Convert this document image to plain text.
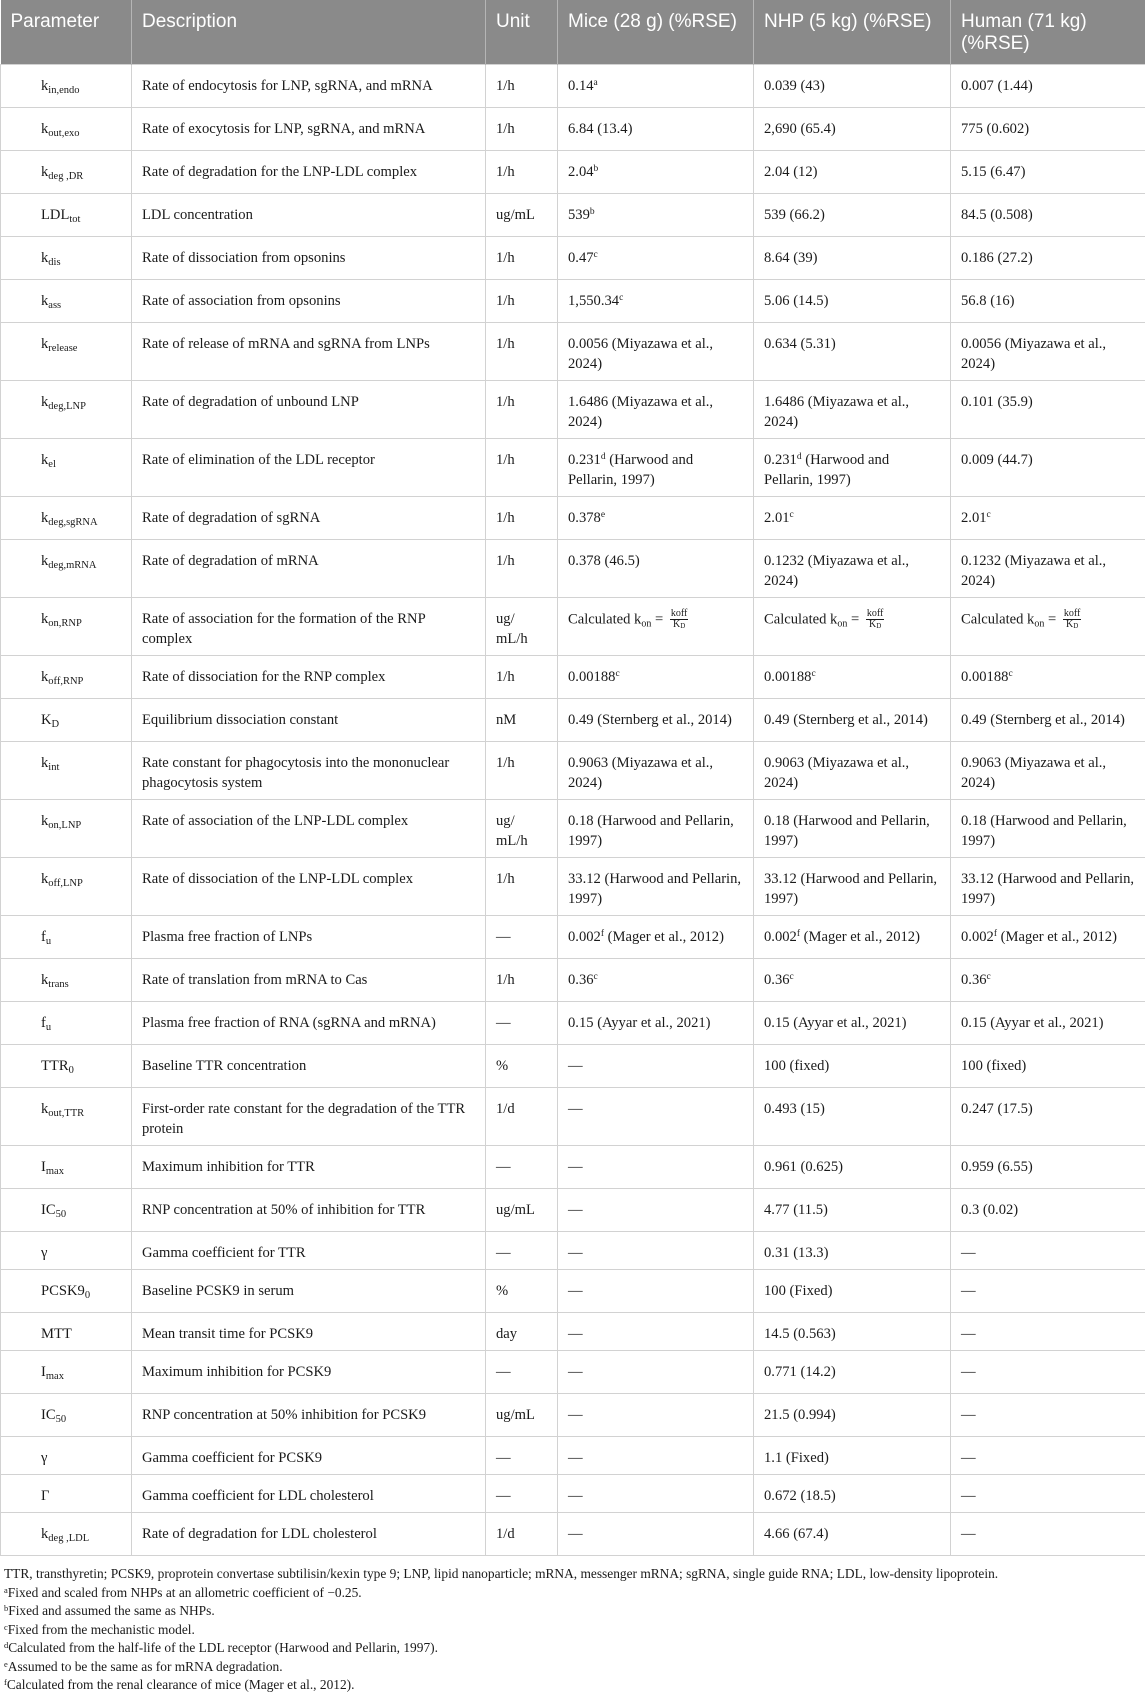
Parameter	Description	Unit	Mice (28 g) (%RSE)	NHP (5 kg) (%RSE)	Human (71 kg) (%RSE)
$k_{in,endo}$	Rate of endocytosis for LNP, sgRNA, and mRNA	1/h	0.14$^a$	0.039 (43)	0.007 (1.44)
$k_{out,exo}$	Rate of exocytosis for LNP, sgRNA, and mRNA	1/h	6.84 (13.4)	2,690 (65.4)	775 (0.602)
$k_{deg ,DR}$	Rate of degradation for the LNP-LDL complex	1/h	2.04$^b$	2.04 (12)	5.15 (6.47)
$LDL_{tot}$	LDL concentration	ug/mL	539$^b$	539 (66.2)	84.5 (0.508)
$k_{dis}$	Rate of dissociation from opsonins	1/h	0.47$^c$	8.64 (39)	0.186 (27.2)
$k_{ass}$	Rate of association from opsonins	1/h	1,550.34$^c$	5.06 (14.5)	56.8 (16)
$k_{release}$	Rate of release of mRNA and sgRNA from LNPs	1/h	0.0056 (Miyazawa et al., 2024)	0.634 (5.31)	0.0056 (Miyazawa et al., 2024)
$k_{deg,LNP}$	Rate of degradation of unbound LNP	1/h	1.6486 (Miyazawa et al., 2024)	1.6486 (Miyazawa et al., 2024)	0.101 (35.9)
$k_{el}$	Rate of elimination of the LDL receptor	1/h	0.231$^d$ (Harwood and Pellarin, 1997)	0.231$^d$ (Harwood and Pellarin, 1997)	0.009 (44.7)
$k_{deg,sgRNA}$	Rate of degradation of sgRNA	1/h	0.378e	2.01$^c$	2.01$^c$
$k_{deg,mRNA}$	Rate of degradation of mRNA	1/h	0.378 (46.5)	0.1232 (Miyazawa et al., 2024)	0.1232 (Miyazawa et al., 2024)
$k_{on,RNP}$	Rate of association for the formation of the RNP complex	ug/ mL/h	Calculated $k_{on} = \frac{\text{koff}}{K_D}$	Calculated $k_{on} = \frac{\text{koff}}{K_D}$	Calculated $k_{on} = \frac{\text{koff}}{K_D}$

$k_{off,RNP}$	Rate of dissociation for the RNP complex	1/h	0.00188$^c$	0.00188$^c$	0.00188$^c$
$K_D$	Equilibrium dissociation constant	nM	0.49 (Sternberg et al., 2014)	0.49 (Sternberg et al., 2014)	0.49 (Sternberg et al., 2014)
$k_{int}$	Rate constant for phagocytosis into the mononuclear phagocytosis system	1/h	0.9063 (Miyazawa et al., 2024)	0.9063 (Miyazawa et al., 2024)	0.9063 (Miyazawa et al., 2024)
$k_{on,LNP}$	Rate of association of the LNP-LDL complex	ug/ mL/h	0.18 (Harwood and Pellarin, 1997)	0.18 (Harwood and Pellarin, 1997)	0.18 (Harwood and Pellarin, 1997)
$k_{off,LNP}$	Rate of dissociation of the LNP-LDL complex	1/h	33.12 (Harwood and Pellarin, 1997)	33.12 (Harwood and Pellarin, 1997)	33.12 (Harwood and Pellarin, 1997)
$f_u$	Plasma free fraction of LNPs	—	0.002$^f$ (Mager et al., 2012)	0.002$^f$ (Mager et al., 2012)	0.002$^f$ (Mager et al., 2012)
$k_{trans}$	Rate of translation from mRNA to Cas	1/h	0.36$^c$	0.36$^c$	0.36$^c$
$f_u$	Plasma free fraction of RNA (sgRNA and mRNA)	—	0.15 (Ayyar et al., 2021)	0.15 (Ayyar et al., 2021)	0.15 (Ayyar et al., 2021)
$TTR_0$	Baseline TTR concentration	%	—	100 (fixed)	100 (fixed)
$k_{out,TTR}$	First-order rate constant for the degradation of the TTR protein	1/d	—	0.493 (15)	0.247 (17.5)
$I_{max}$	Maximum inhibition for TTR	—	—	0.961 (0.625)	0.959 (6.55)
$IC_{50}$	RNP concentration at 50% of inhibition for TTR	ug/mL	—	4.77 (11.5)	0.3 (0.02)
γ	Gamma coefficient for TTR	—	—	0.31 (13.3)	—
$PCSK9_0$	Baseline PCSK9 in serum	%	—	100 (Fixed)	—
MTT	Mean transit time for PCSK9	day	—	14.5 (0.563)	—
$I_{max}$	Maximum inhibition for PCSK9	—	—	0.771 (14.2)	—
$IC_{50}$	RNP concentration at 50% inhibition for PCSK9	ug/mL	—	21.5 (0.994)	—
γ	Gamma coefficient for PCSK9	—	—	1.1 (Fixed)	—
Γ	Gamma coefficient for LDL cholesterol	—	—	0.672 (18.5)	—
$k_{deg ,LDL}$	Rate of degradation for LDL cholesterol	1/d	—	4.66 (67.4)	—
TTR, transthyretin; PCSK9, proprotein convertase subtilisin/kexin type 9; LNP, lipid nanoparticle; mRNA, messenger mRNA; sgRNA, single guide RNA; LDL, low-density lipoprotein.
$^a$Fixed and scaled from NHPs at an allometric coefficient of −0.25.
$^b$Fixed and assumed the same as NHPs.
$^c$Fixed from the mechanistic model.
$^d$Calculated from the half-life of the LDL receptor (Harwood and Pellarin, 1997).
$^e$Assumed to be the same as for mRNA degradation.
$^f$Calculated from the renal clearance of mice (Mager et al., 2012).
